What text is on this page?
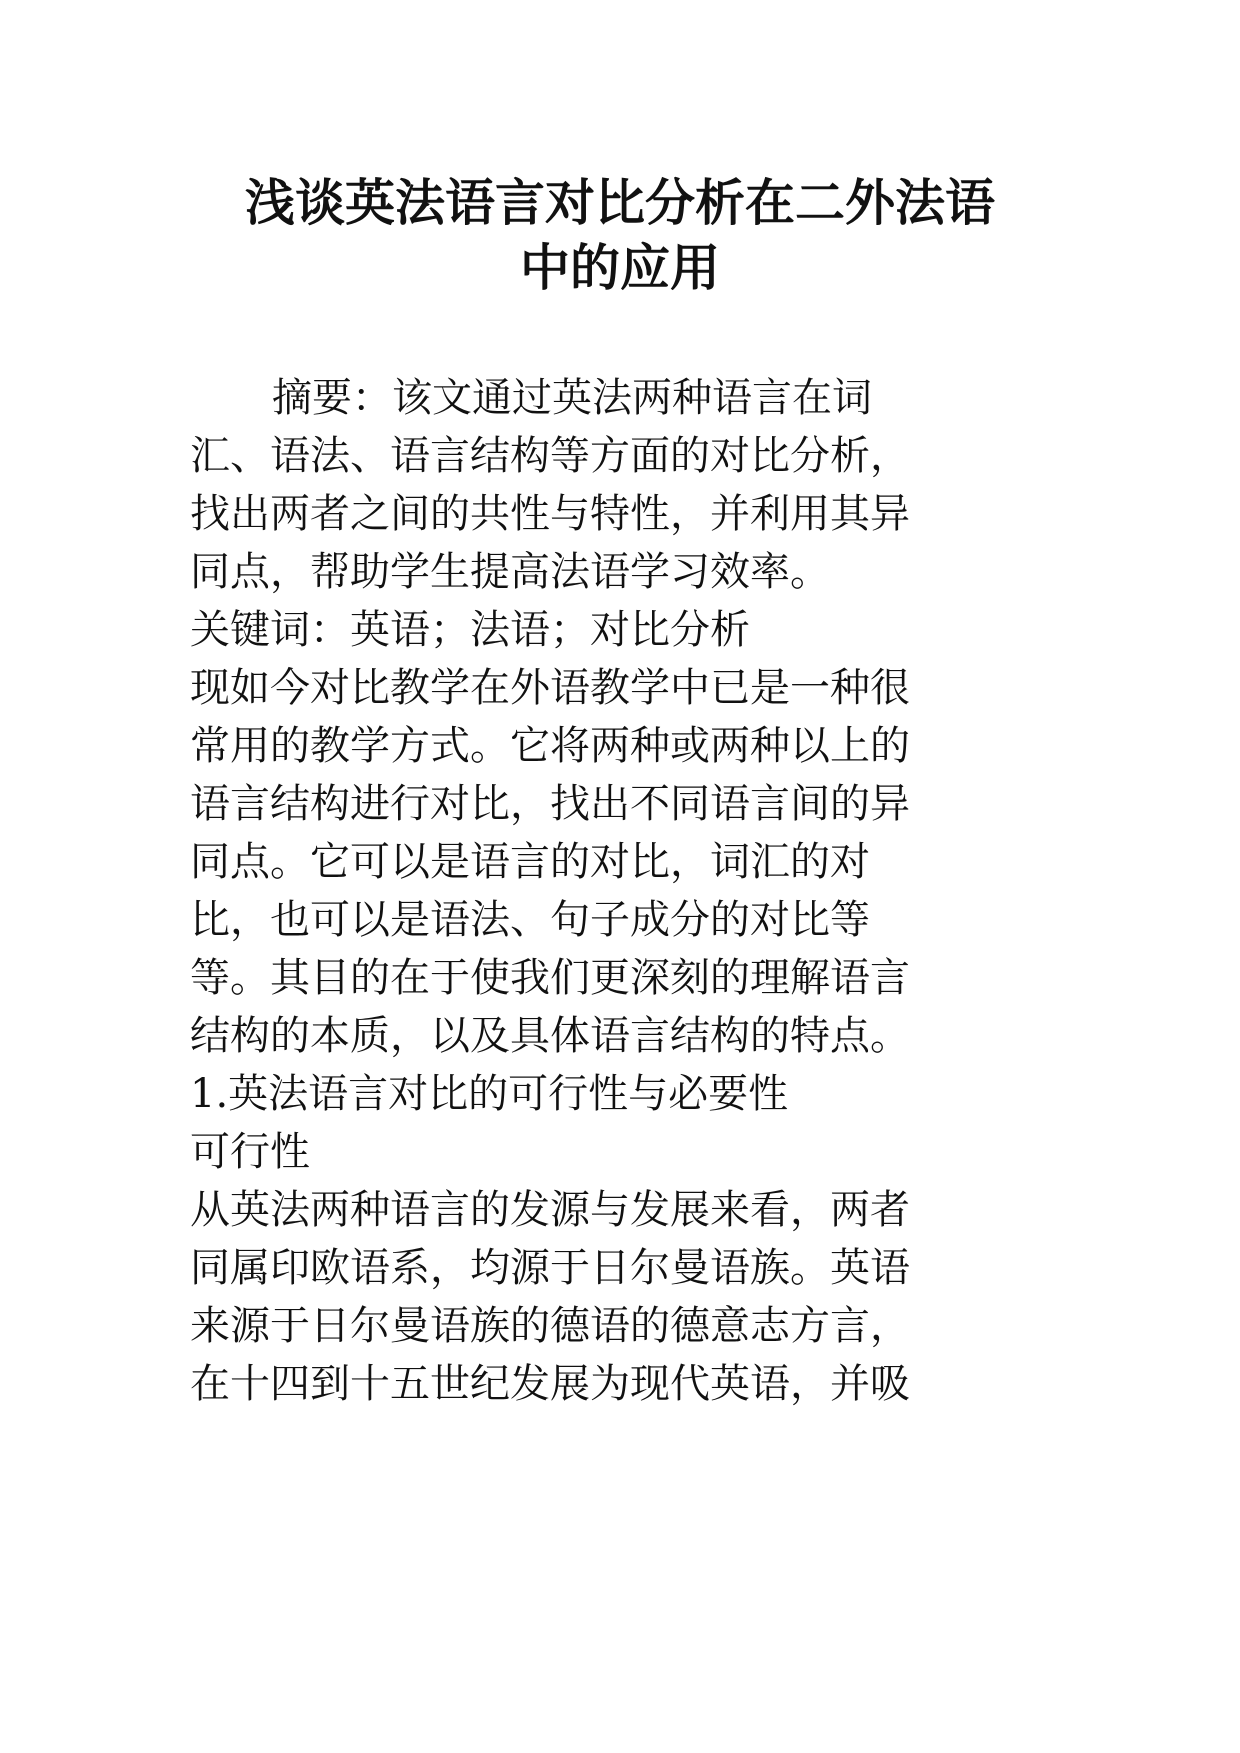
浅谈英法语言对比分析在二外法语
中的应用
摘要：该文通过英法两种语言在词
汇、语法、语言结构等方面的对比分析，
找出两者之间的共性与特性，并利用其异
同点，帮助学生提高法语学习效率。
关键词：英语；法语；对比分析
现如今对比教学在外语教学中已是一种很
常用的教学方式。它将两种或两种以上的
语言结构进行对比，找出不同语言间的异
同点。它可以是语言的对比，词汇的对
比，也可以是语法、句子成分的对比等
等。其目的在于使我们更深刻的理解语言
结构的本质，以及具体语言结构的特点。
1.英法语言对比的可行性与必要性
可行性
从英法两种语言的发源与发展来看，两者
同属印欧语系，均源于日尔曼语族。英语
来源于日尔曼语族的德语的德意志方言，
在十四到十五世纪发展为现代英语，并吸
